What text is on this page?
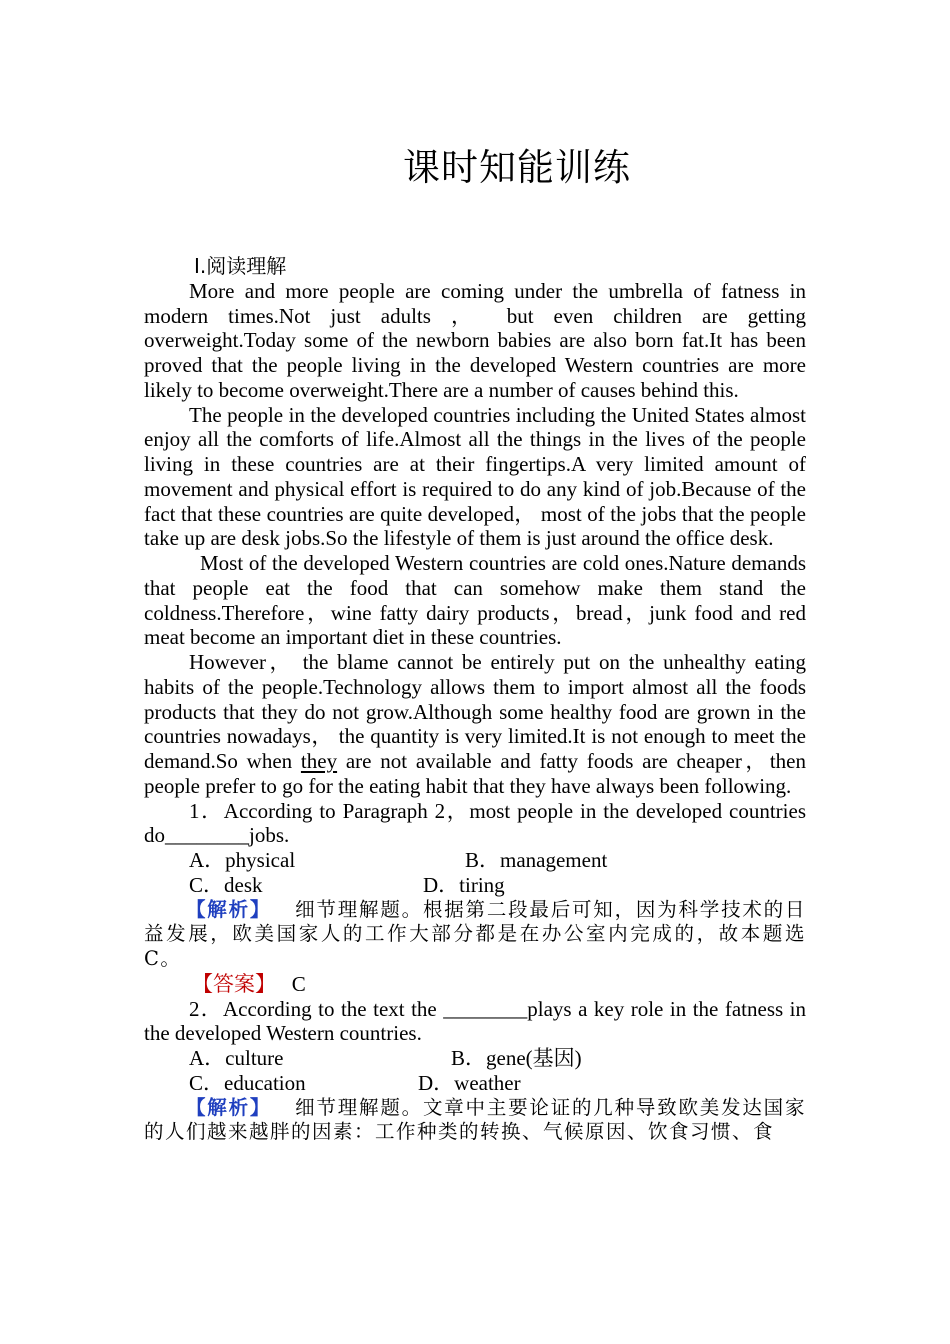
课时知能训练

Ⅰ.阅读理解

More and more people are coming under the umbrella of fatness in modern times.Not just adults ， but even children are getting overweight.Today some of the newborn babies are also born fat.It has been proved that the people living in the developed Western countries are more likely to become overweight.There are a number of causes behind this.

The people in the developed countries including the United States almost enjoy all the comforts of life.Almost all the things in the lives of the people living in these countries are at their fingertips.A very limited amount of movement and physical effort is required to do any kind of job.Because of the fact that these countries are quite developed， most of the jobs that the people take up are desk jobs.So the lifestyle of them is just around the office desk.

Most of the developed Western countries are cold ones.Nature demands that people eat the food that can somehow make them stand the coldness.Therefore，wine fatty dairy products，bread，junk food and red meat become an important diet in these countries.

However， the blame cannot be entirely put on the unhealthy eating habits of the people.Technology allows them to import almost all the foods products that they do not grow.Although some healthy food are grown in the countries nowadays， the quantity is very limited.It is not enough to meet the demand.So when they are not available and fatty foods are cheaper，then people prefer to go for the eating habit that they have always been following.

1．According to Paragraph 2，most people in the developed countries do________jobs.

A．physical	B．management

C．desk	D．tiring

【解析】 细节理解题。根据第二段最后可知，因为科学技术的日益发展，欧美国家人的工作大部分都是在办公室内完成的，故本题选C。

【答案】 C

2．According to the text the ________plays a key role in the fatness in the developed Western countries.

A．culture	B．gene(基因)

C．education	D．weather

【解析】 细节理解题。文章中主要论证的几种导致欧美发达国家的人们越来越胖的因素：工作种类的转换、气候原因、饮食习惯、食
